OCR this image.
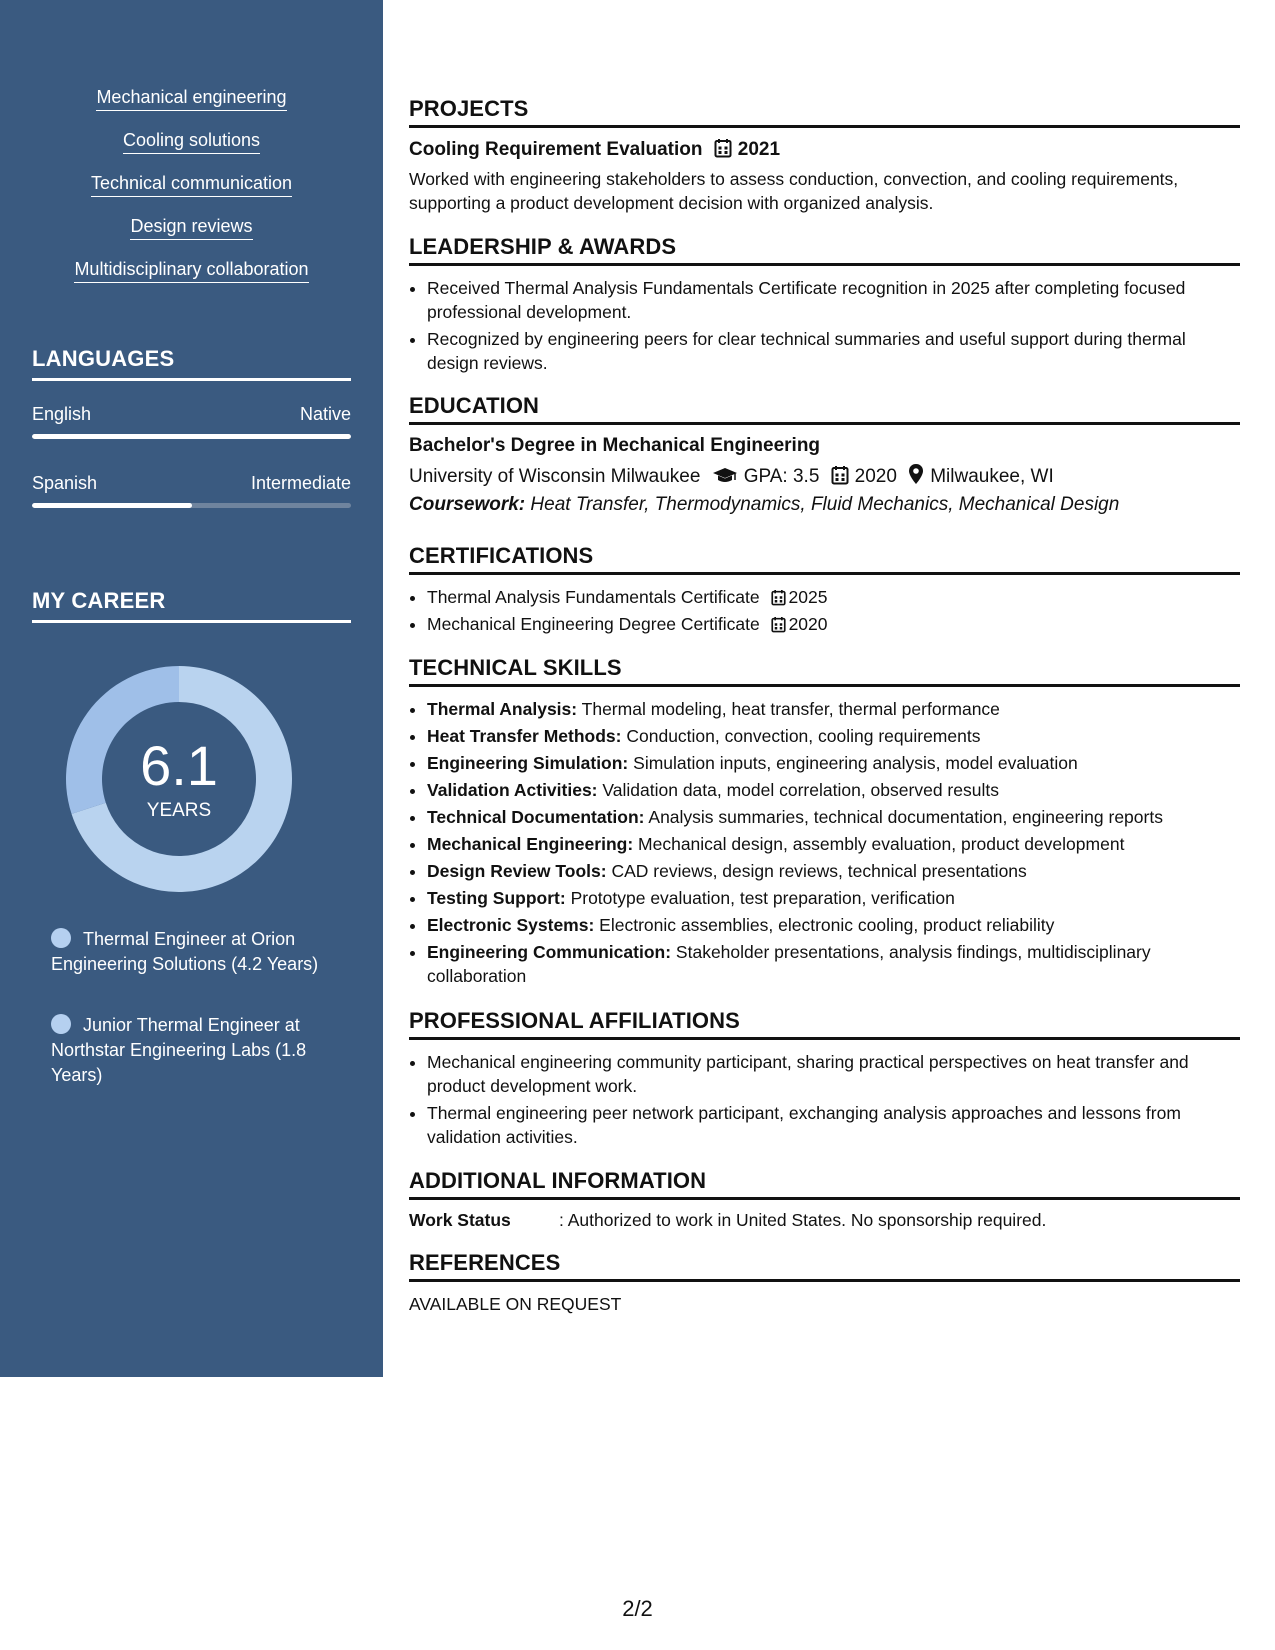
Mechanical engineering
Cooling solutions
Technical communication
Design reviews
Multidisciplinary collaboration
LANGUAGES
English	Native
Spanish	Intermediate
MY CAREER
6.1
YEARS
Thermal Engineer at Orion Engineering Solutions (4.2 Years)
Junior Thermal Engineer at Northstar Engineering Labs (1.8 Years)
PROJECTS
Cooling Requirement Evaluation 2021
Worked with engineering stakeholders to assess conduction, convection, and cooling requirements, supporting a product development decision with organized analysis.
LEADERSHIP & AWARDS
• Received Thermal Analysis Fundamentals Certificate recognition in 2025 after completing focused professional development.
• Recognized by engineering peers for clear technical summaries and useful support during thermal design reviews.
EDUCATION
Bachelor's Degree in Mechanical Engineering
University of Wisconsin Milwaukee GPA: 3.5 2020 Milwaukee, WI
Coursework: Heat Transfer, Thermodynamics, Fluid Mechanics, Mechanical Design
CERTIFICATIONS
• Thermal Analysis Fundamentals Certificate 2025
• Mechanical Engineering Degree Certificate 2020
TECHNICAL SKILLS
• Thermal Analysis: Thermal modeling, heat transfer, thermal performance
• Heat Transfer Methods: Conduction, convection, cooling requirements
• Engineering Simulation: Simulation inputs, engineering analysis, model evaluation
• Validation Activities: Validation data, model correlation, observed results
• Technical Documentation: Analysis summaries, technical documentation, engineering reports
• Mechanical Engineering: Mechanical design, assembly evaluation, product development
• Design Review Tools: CAD reviews, design reviews, technical presentations
• Testing Support: Prototype evaluation, test preparation, verification
• Electronic Systems: Electronic assemblies, electronic cooling, product reliability
• Engineering Communication: Stakeholder presentations, analysis findings, multidisciplinary collaboration
PROFESSIONAL AFFILIATIONS
• Mechanical engineering community participant, sharing practical perspectives on heat transfer and product development work.
• Thermal engineering peer network participant, exchanging analysis approaches and lessons from validation activities.
ADDITIONAL INFORMATION
Work Status	: Authorized to work in United States. No sponsorship required.
REFERENCES
AVAILABLE ON REQUEST
2/2
